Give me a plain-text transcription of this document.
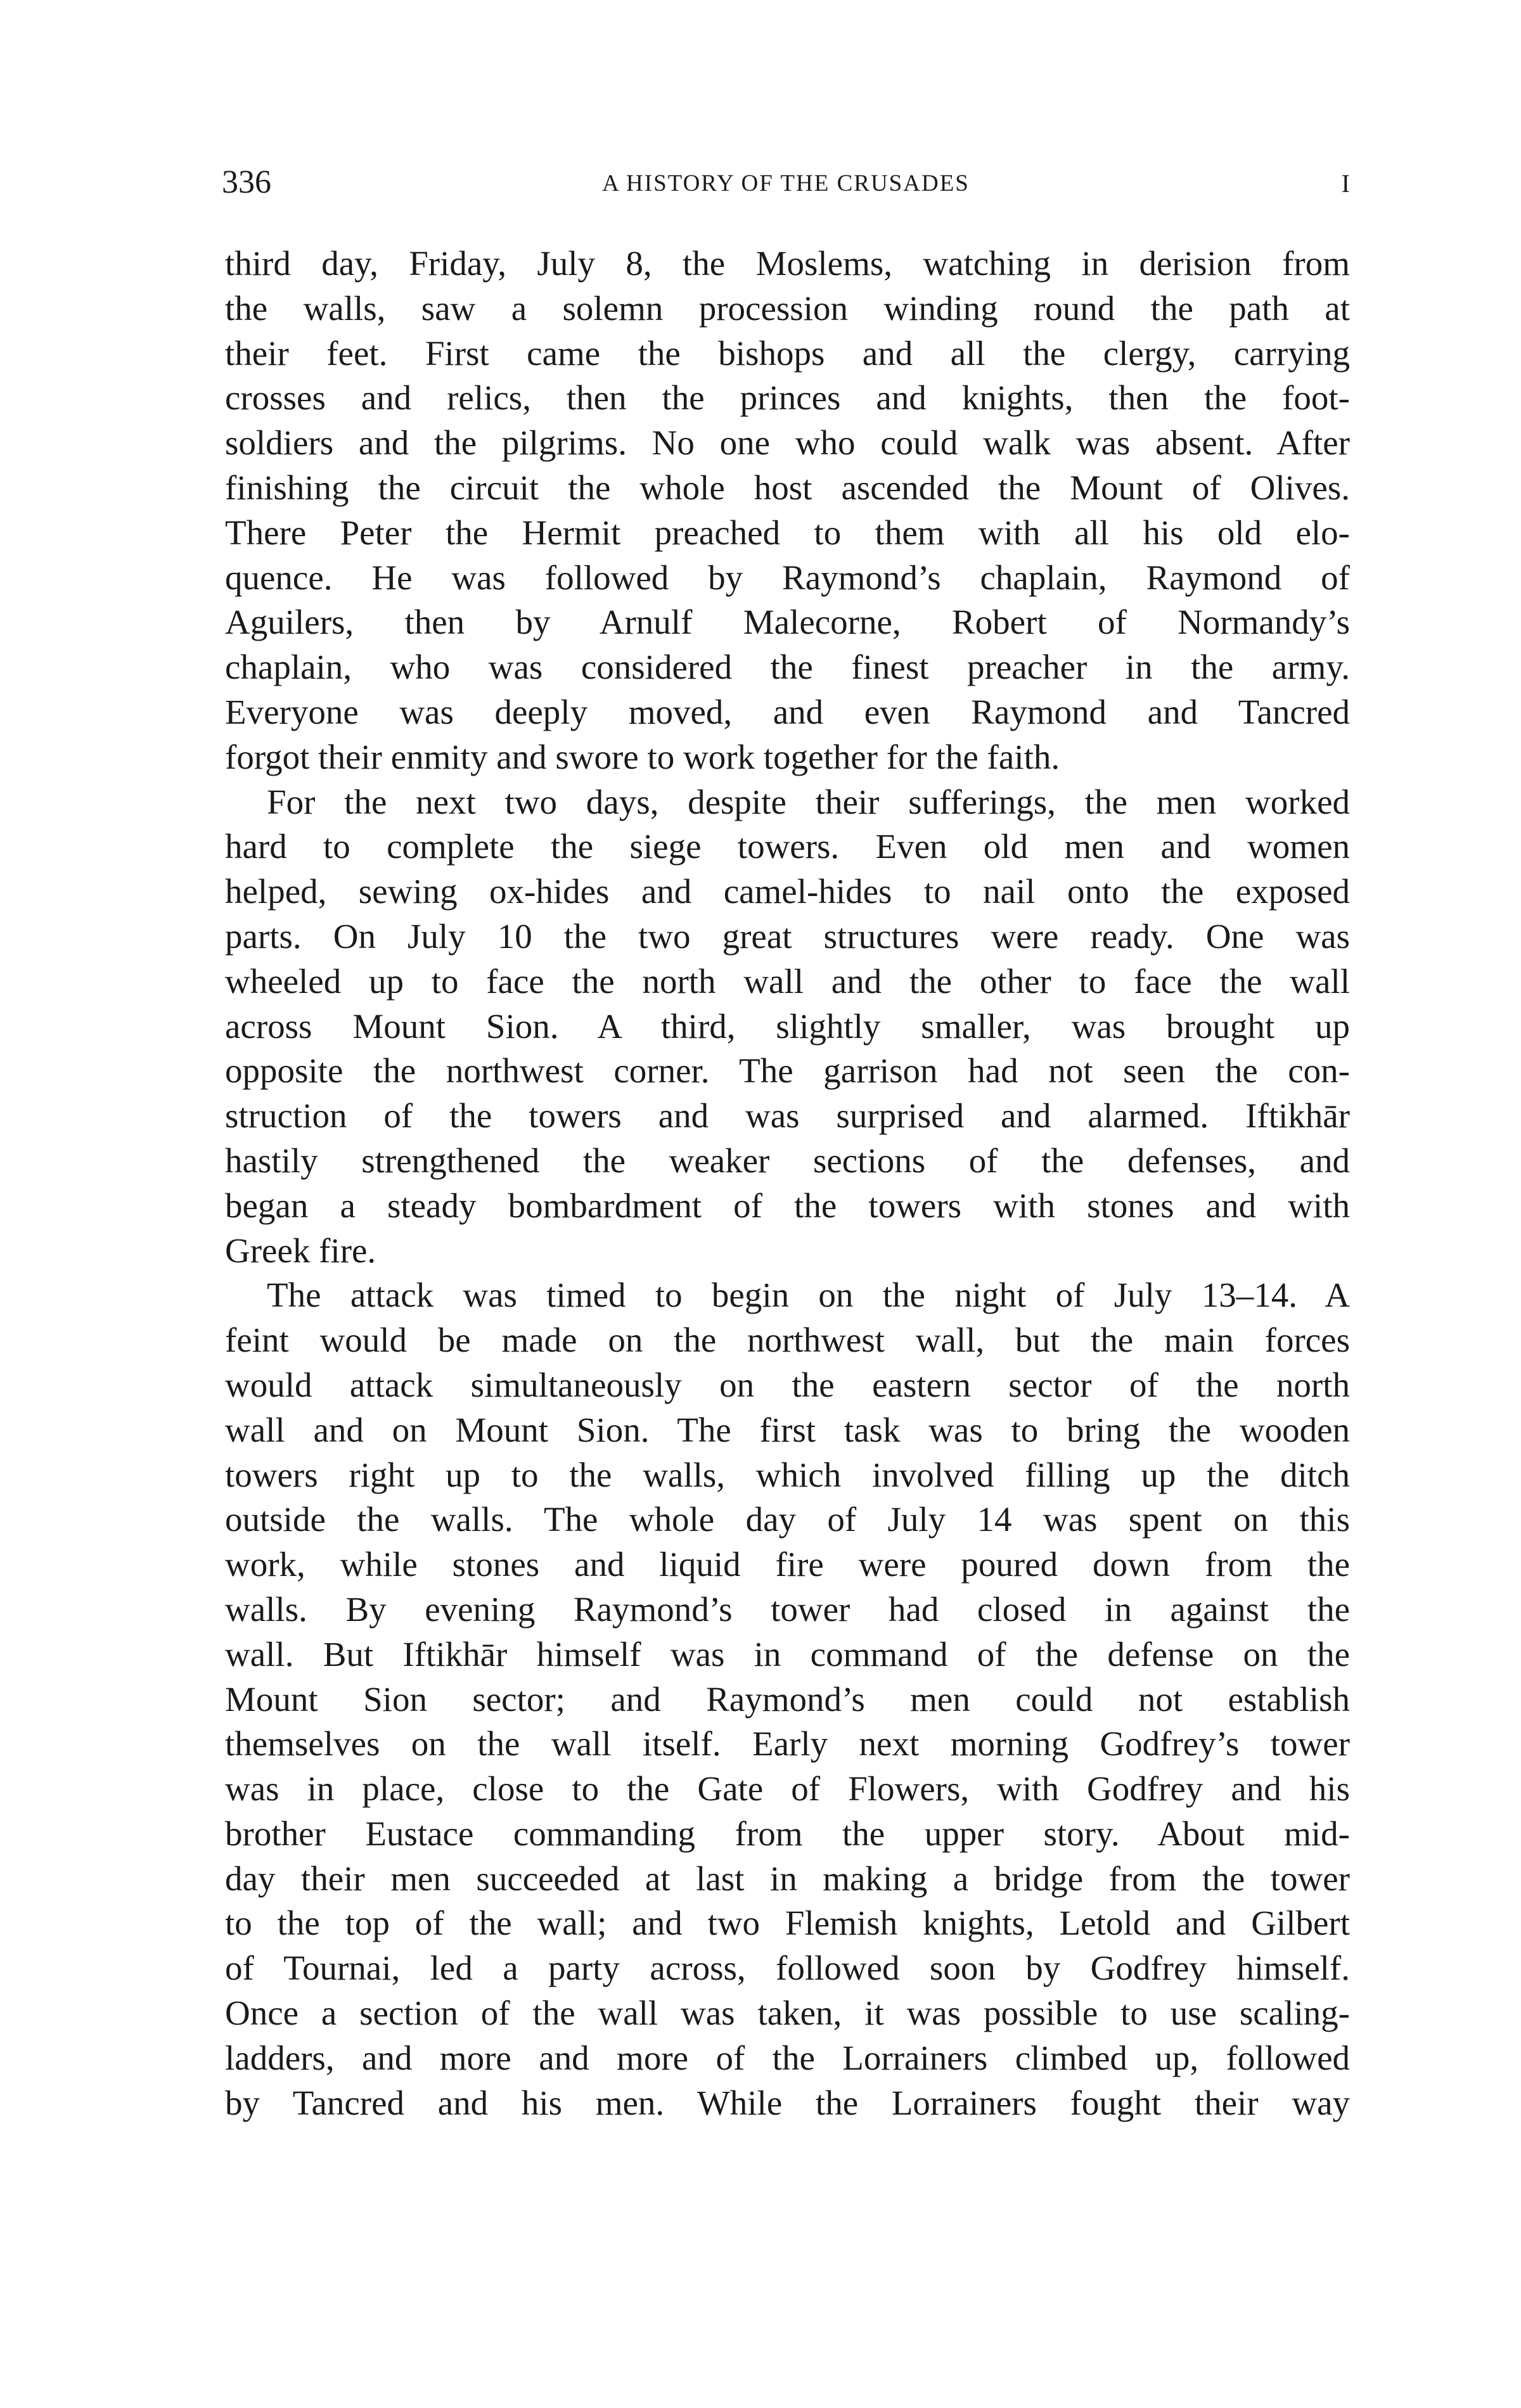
336	A HISTORY OF THE CRUSADES	I
third day, Friday, July 8, the Moslems, watching in derision from
the walls, saw a solemn procession winding round the path at
their feet. First came the bishops and all the clergy, carrying
crosses and relics, then the princes and knights, then the foot-
soldiers and the pilgrims. No one who could walk was absent. After
finishing the circuit the whole host ascended the Mount of Olives.
There Peter the Hermit preached to them with all his old elo-
quence. He was followed by Raymond’s chaplain, Raymond of
Aguilers, then by Arnulf Malecorne, Robert of Normandy’s
chaplain, who was considered the finest preacher in the army.
Everyone was deeply moved, and even Raymond and Tancred
forgot their enmity and swore to work together for the faith.
For the next two days, despite their sufferings, the men worked
hard to complete the siege towers. Even old men and women
helped, sewing ox-hides and camel-hides to nail onto the exposed
parts. On July 10 the two great structures were ready. One was
wheeled up to face the north wall and the other to face the wall
across Mount Sion. A third, slightly smaller, was brought up
opposite the northwest corner. The garrison had not seen the con-
struction of the towers and was surprised and alarmed. Iftikhār
hastily strengthened the weaker sections of the defenses, and
began a steady bombardment of the towers with stones and with
Greek fire.
The attack was timed to begin on the night of July 13–14. A
feint would be made on the northwest wall, but the main forces
would attack simultaneously on the eastern sector of the north
wall and on Mount Sion. The first task was to bring the wooden
towers right up to the walls, which involved filling up the ditch
outside the walls. The whole day of July 14 was spent on this
work, while stones and liquid fire were poured down from the
walls. By evening Raymond’s tower had closed in against the
wall. But Iftikhār himself was in command of the defense on the
Mount Sion sector; and Raymond’s men could not establish
themselves on the wall itself. Early next morning Godfrey’s tower
was in place, close to the Gate of Flowers, with Godfrey and his
brother Eustace commanding from the upper story. About mid-
day their men succeeded at last in making a bridge from the tower
to the top of the wall; and two Flemish knights, Letold and Gilbert
of Tournai, led a party across, followed soon by Godfrey himself.
Once a section of the wall was taken, it was possible to use scaling-
ladders, and more and more of the Lorrainers climbed up, followed
by Tancred and his men. While the Lorrainers fought their way
